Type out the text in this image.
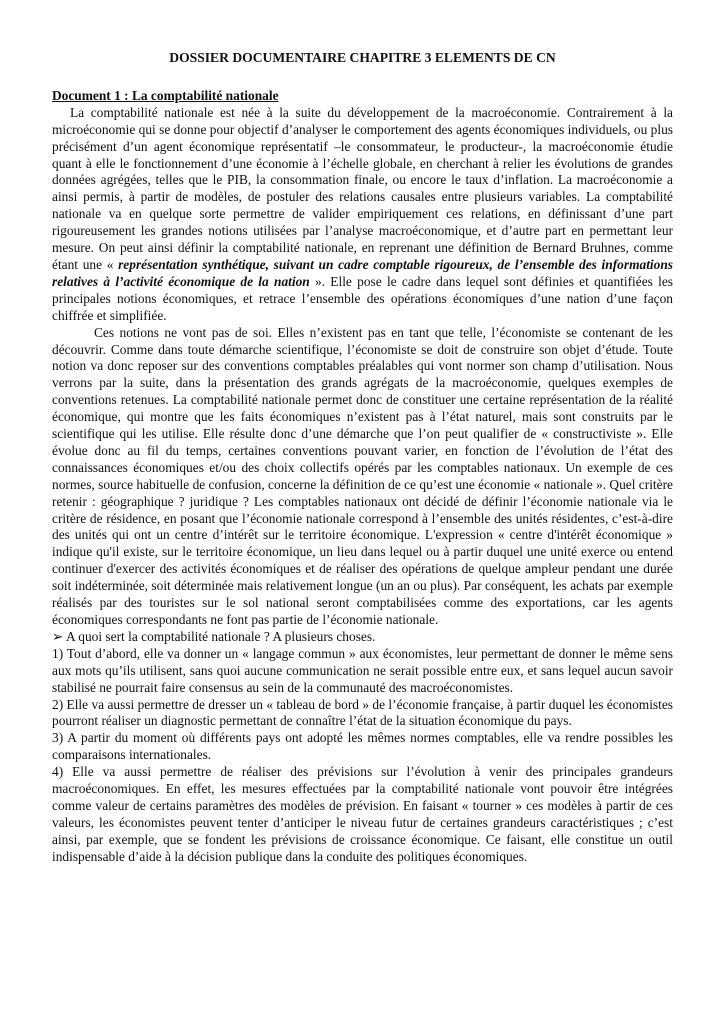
DOSSIER DOCUMENTAIRE CHAPITRE 3 ELEMENTS DE CN
Document 1 : La comptabilité nationale

La comptabilité nationale est née à la suite du développement de la macroéconomie. Contrairement à la microéconomie qui se donne pour objectif d’analyser le comportement des agents économiques individuels, ou plus précisément d’un agent économique représentatif –le consommateur, le producteur-, la macroéconomie étudie quant à elle le fonctionnement d’une économie à l’échelle globale, en cherchant à relier les évolutions de grandes données agrégées, telles que le PIB, la consommation finale, ou encore le taux d’inflation. La macroéconomie a ainsi permis, à partir de modèles, de postuler des relations causales entre plusieurs variables. La comptabilité nationale va en quelque sorte permettre de valider empiriquement ces relations, en définissant d’une part rigoureusement les grandes notions utilisées par l’analyse macroéconomique, et d’autre part en permettant leur mesure. On peut ainsi définir la comptabilité nationale, en reprenant une définition de Bernard Bruhnes, comme étant une « représentation synthétique, suivant un cadre comptable rigoureux, de l’ensemble des informations relatives à l’activité économique de la nation ». Elle pose le cadre dans lequel sont définies et quantifiées les principales notions économiques, et retrace l’ensemble des opérations économiques d’une nation d’une façon chiffrée et simplifiée.

Ces notions ne vont pas de soi. Elles n’existent pas en tant que telle, l’économiste se contenant de les découvrir. Comme dans toute démarche scientifique, l’économiste se doit de construire son objet d’étude. Toute notion va donc reposer sur des conventions comptables préalables qui vont normer son champ d’utilisation. Nous verrons par la suite, dans la présentation des grands agrégats de la macroéconomie, quelques exemples de conventions retenues. La comptabilité nationale permet donc de constituer une certaine représentation de la réalité économique, qui montre que les faits économiques n’existent pas à l’état naturel, mais sont construits par le scientifique qui les utilise. Elle résulte donc d’une démarche que l’on peut qualifier de « constructiviste ». Elle évolue donc au fil du temps, certaines conventions pouvant varier, en fonction de l’évolution de l’état des connaissances économiques et/ou des choix collectifs opérés par les comptables nationaux. Un exemple de ces normes, source habituelle de confusion, concerne la définition de ce qu’est une économie « nationale ». Quel critère retenir : géographique ? juridique ? Les comptables nationaux ont décidé de définir l’économie nationale via le critère de résidence, en posant que l’économie nationale correspond à l’ensemble des unités résidentes, c’est-à-dire des unités qui ont un centre d’intérêt sur le territoire économique. L'expression « centre d'intérêt économique » indique qu'il existe, sur le territoire économique, un lieu dans lequel ou à partir duquel une unité exerce ou entend continuer d'exercer des activités économiques et de réaliser des opérations de quelque ampleur pendant une durée soit indéterminée, soit déterminée mais relativement longue (un an ou plus). Par conséquent, les achats par exemple réalisés par des touristes sur le sol national seront comptabilisées comme des exportations, car les agents économiques correspondants ne font pas partie de l’économie nationale.

➢ A quoi sert la comptabilité nationale ? A plusieurs choses.

1) Tout d’abord, elle va donner un « langage commun » aux économistes, leur permettant de donner le même sens aux mots qu’ils utilisent, sans quoi aucune communication ne serait possible entre eux, et sans lequel aucun savoir stabilisé ne pourrait faire consensus au sein de la communauté des macroéconomistes.

2) Elle va aussi permettre de dresser un « tableau de bord » de l’économie française, à partir duquel les économistes pourront réaliser un diagnostic permettant de connaître l’état de la situation économique du pays.

3) A partir du moment où différents pays ont adopté les mêmes normes comptables, elle va rendre possibles les comparaisons internationales.

4) Elle va aussi permettre de réaliser des prévisions sur l’évolution à venir des principales grandeurs macroéconomiques. En effet, les mesures effectuées par la comptabilité nationale vont pouvoir être intégrées comme valeur de certains paramètres des modèles de prévision. En faisant « tourner » ces modèles à partir de ces valeurs, les économistes peuvent tenter d’anticiper le niveau futur de certaines grandeurs caractéristiques ; c’est ainsi, par exemple, que se fondent les prévisions de croissance économique. Ce faisant, elle constitue un outil indispensable d’aide à la décision publique dans la conduite des politiques économiques.
